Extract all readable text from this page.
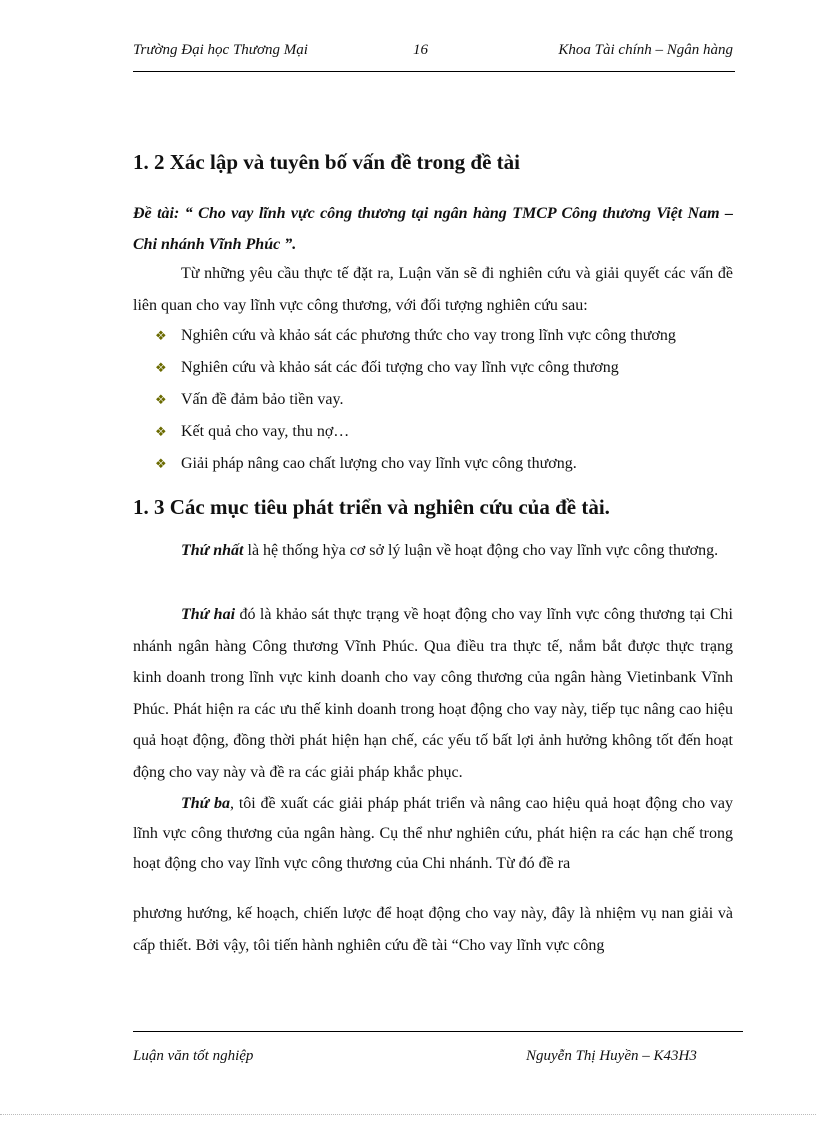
Trường Đại học Thương Mại	16	Khoa Tài chính – Ngân hàng
1. 2 Xác lập và tuyên bố vấn đề trong đề tài
Đề tài: “ Cho vay lĩnh vực công thương tại ngân hàng TMCP Công thương Việt Nam – Chi nhánh Vĩnh Phúc ”.

Từ những yêu cầu thực tế đặt ra, Luận văn sẽ đi nghiên cứu và giải quyết các vấn đề liên quan cho vay lĩnh vực công thương, với đối tượng nghiên cứu sau:

❖ Nghiên cứu và khảo sát các phương thức cho vay trong lĩnh vực công thương
❖ Nghiên cứu và khảo sát các đối tượng cho vay lĩnh vực công thương
❖ Vấn đề đảm bảo tiền vay.
❖ Kết quả cho vay, thu nợ…
❖ Giải pháp nâng cao chất lượng cho vay lĩnh vực công thương.
1. 3 Các mục tiêu phát triển và nghiên cứu của đề tài.

Thứ nhất là hệ thống hỳa cơ sở lý luận về hoạt động cho vay lĩnh vực công thương.

Thứ hai đó là khảo sát thực trạng về hoạt động cho vay lĩnh vực công thương tại Chi nhánh ngân hàng Công thương Vĩnh Phúc. Qua điều tra thực tế, nắm bắt được thực trạng kinh doanh trong lĩnh vực kinh doanh cho vay công thương của ngân hàng Vietinbank Vĩnh Phúc. Phát hiện ra các ưu thế kinh doanh trong hoạt động cho vay này, tiếp tục nâng cao hiệu quả hoạt động, đồng thời phát hiện hạn chế, các yếu tố bất lợi ảnh hưởng không tốt đến hoạt động cho vay này và đề ra các giải pháp khắc phục.

Thứ ba, tôi đề xuất các giải pháp phát triển và nâng cao hiệu quả hoạt động cho vay lĩnh vực công thương của ngân hàng. Cụ thể như nghiên cứu, phát hiện ra các hạn chế trong hoạt động cho vay lĩnh vực công thương của Chi nhánh. Từ đó đề ra

phương hướng, kế hoạch, chiến lược để hoạt động cho vay này, đây là nhiệm vụ nan giải và cấp thiết. Bởi vậy, tôi tiến hành nghiên cứu đề tài “Cho vay lĩnh vực công

Luận văn tốt nghiệp	Nguyễn Thị Huyền – K43H3
